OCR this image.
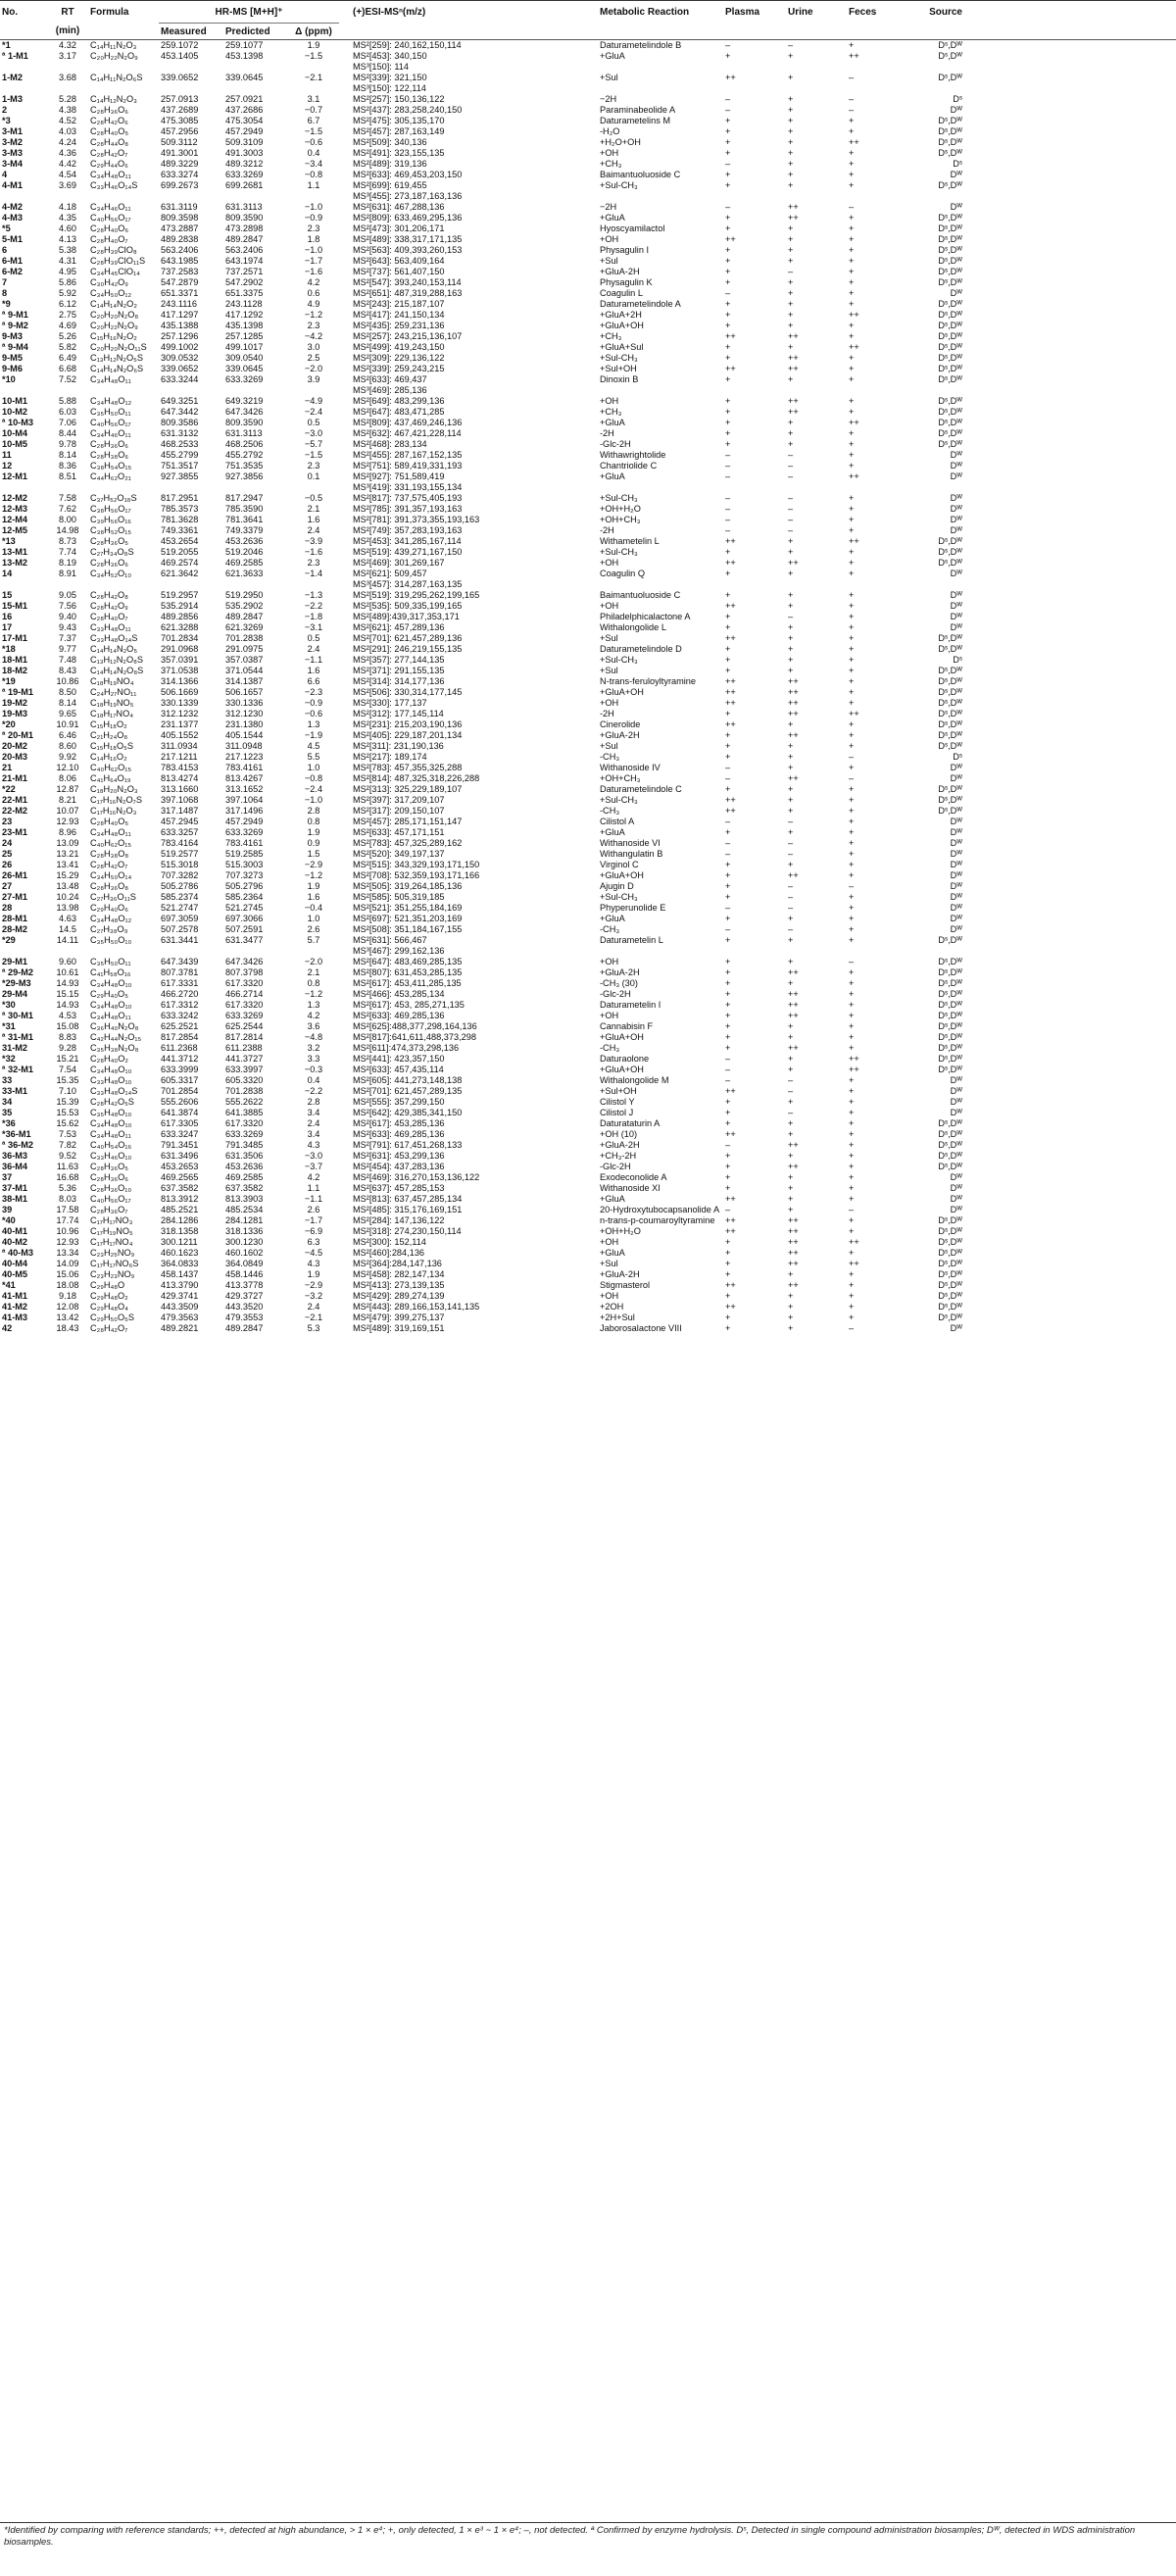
No.	RT	Formula	HR-MS [M+H]⁺				(+)ESI-MSⁿ(m/z)	Metabolic Reaction	Plasma	Urine	Feces	Source	
	(min)		Measured	Predicted	Δ (ppm)								
*1	4.32	C₁₄H₁₁N₂O₃	259.1072	259.1077	1.9		MS²[259]: 240,162,150,114	Daturametelindole B	–	–	+	Dˢ,Dᵂ	
ª 1-M1	3.17	C₂₀H₂₂N₂O₉	453.1405	453.1398	−1.5		MS²[453]: 340,150
MS³[150]: 114	+GluA	+	+	++	Dˢ,Dᵂ	
1-M2	3.68	C₁₄H₁₁N₂O₆S	339.0652	339.0645	−2.1		MS²[339]: 321,150
MS³[150]: 122,114	+Sul	++	+	–	Dˢ,Dᵂ	
1-M3	5.28	C₁₄H₁₂N₂O₃	257.0913	257.0921	3.1		MS²[257]: 150,136,122	−2H	–	+	–	Dˢ	
2	4.38	C₂₈H₃₆O₆	437.2689	437.2686	−0.7		MS²[437]: 283,258,240,150	Paraminabeolide A	–	+	–	Dᵂ	
*3	4.52	C₂₈H₄₂O₆	475.3085	475.3054	6.7		MS²[475]: 305,135,170	Daturametelins M	+	+	+	Dˢ,Dᵂ	
3-M1	4.03	C₂₈H₄₀O₅	457.2956	457.2949	−1.5		MS²[457]: 287,163,149	-H₂O	+	+	+	Dˢ,Dᵂ	
3-M2	4.24	C₂₈H₄₄O₈	509.3112	509.3109	−0.6		MS²[509]: 340,136	+H₂O+OH	+	+	++	Dˢ,Dᵂ	
3-M3	4.36	C₂₈H₄₂O₇	491.3001	491.3003	0.4		MS²[491]: 323,155,135	+OH	+	+	+	Dˢ,Dᵂ	
3-M4	4.42	C₂₉H₄₄O₆	489.3229	489.3212	−3.4		MS²[489]: 319,136	+CH₃	–	+	+	Dˢ	
4	4.54	C₃₄H₄₈O₁₁	633.3274	633.3269	−0.8		MS²[633]: 469,453,203,150	Baimantuoluoside C	+	+	+	Dᵂ	
4-M1	3.69	C₃₃H₄₆O₁₄S	699.2673	699.2681	1.1		MS²[699]: 619,455
MS³[455]: 273,187,163,136	+Sul-CH₃	+	+	+	Dˢ,Dᵂ	
4-M2	4.18	C₃₄H₄₆O₁₁	631.3119	631.3113	−1.0		MS²[631]: 467,288,136	−2H	–	++	–	Dᵂ	
4-M3	4.35	C₄₀H₅₆O₁₇	809.3598	809.3590	−0.9		MS²[809]: 633,469,295,136	+GluA	+	++	+	Dˢ,Dᵂ	
*5	4.60	C₂₈H₄₀O₆	473.2887	473.2898	2.3		MS²[473]: 301,206,171	Hyoscyamilactol	+	+	+	Dˢ,Dᵂ	
5-M1	4.13	C₂₈H₄₀O₇	489.2838	489.2847	1.8		MS²[489]: 338,317,171,135	+OH	++	+	+	Dˢ,Dᵂ	
6	5.38	C₂₈H₃₉ClO₈	563.2406	563.2406	−1.0		MS²[563]: 409,393,260,153	Physagulin I	+	+	+	Dˢ,Dᵂ	
6-M1	4.31	C₂₈H₃₉ClO₁₁S	643.1985	643.1974	−1.7		MS²[643]: 563,409,164	+Sul	+	+	+	Dˢ,Dᵂ	
6-M2	4.95	C₃₄H₄₅ClO₁₄	737.2583	737.2571	−1.6		MS²[737]: 561,407,150	+GluA-2H	+	–	+	Dˢ,Dᵂ	
7	5.86	C₃₀H₄₂O₉	547.2879	547.2902	4.2		MS²[547]: 393,240,153,114	Physagulin K	+	+	+	Dˢ,Dᵂ	
8	5.92	C₃₄H₅₀O₁₂	651.3371	651.3375	0.6		MS²[651]: 487,319,288,163	Coagulin L	–	+	+	Dᵂ	
*9	6.12	C₁₄H₁₄N₂O₂	243.1116	243.1128	4.9		MS²[243]: 215,187,107	Daturametelindole A	+	+	+	Dˢ,Dᵂ	
ª 9-M1	2.75	C₂₀H₂₀N₂O₈	417.1297	417.1292	−1.2		MS²[417]: 241,150,134	+GluA+2H	+	+	++	Dˢ,Dᵂ	
ª 9-M2	4.69	C₂₀H₂₂N₂O₉	435.1388	435.1398	2.3		MS²[435]: 259,231,136	+GluA+OH	+	+	+	Dˢ,Dᵂ	
9-M3	5.26	C₁₅H₁₆N₂O₂	257.1296	257.1285	−4.2		MS²[257]: 243,215,136,107	+CH₃	++	++	+	Dˢ,Dᵂ	
ª 9-M4	5.82	C₂₀H₂₀N₂O₁₁S	499.1002	499.1017	3.0		MS²[499]: 419,243,150	+GluA+Sul	+	+	++	Dˢ,Dᵂ	
9-M5	6.49	C₁₃H₁₂N₂O₅S	309.0532	309.0540	2.5		MS²[309]: 229,136,122	+Sul-CH₃	+	++	+	Dˢ,Dᵂ	
9-M6	6.68	C₁₄H₁₄N₂O₆S	339.0652	339.0645	−2.0		MS²[339]: 259,243,215	+Sul+OH	++	++	+	Dˢ,Dᵂ	
*10	7.52	C₃₄H₄₈O₁₁	633.3244	633.3269	3.9		MS²[633]: 469,437
MS³[469]: 285,136	Dinoxin B	+	+	+	Dˢ,Dᵂ	
10-M1	5.88	C₃₄H₄₈O₁₂	649.3251	649.3219	−4.9		MS²[649]: 483,299,136	+OH	+	++	+	Dˢ,Dᵂ	
10-M2	6.03	C₃₅H₅₀O₁₁	647.3442	647.3426	−2.4		MS²[647]: 483,471,285	+CH₃	+	++	+	Dˢ,Dᵂ	
ª 10-M3	7.06	C₄₀H₅₆O₁₇	809.3586	809.3590	0.5		MS²[809]: 437,469,246,136	+GluA	+	+	++	Dˢ,Dᵂ	
10-M4	8.44	C₃₄H₄₆O₁₁	631.3132	631.3113	−3.0		MS²[632]: 467,421,228,114	-2H	+	+	+	Dˢ,Dᵂ	
10-M5	9.78	C₂₈H₃₆O₆	468.2533	468.2506	−5.7		MS²[468]: 283,134	-Glc-2H	+	+	+	Dˢ,Dᵂ	
11	8.14	C₂₈H₃₈O₆	455.2799	455.2792	−1.5		MS²[455]: 287,167,152,135	Withawrightolide	–	–	+	Dᵂ	
12	8.36	C₃₈H₅₄O₁₅	751.3517	751.3535	2.3		MS²[751]: 589,419,331,193	Chantriolide C	–	–	+	Dᵂ	
12-M1	8.51	C₄₄H₆₂O₂₁	927.3855	927.3856	0.1		MS²[927]: 751,589,419
MS³[419]: 331,193,155,134	+GluA	–	–	++	Dᵂ	
12-M2	7.58	C₃₇H₅₂O₁₈S	817.2951	817.2947	−0.5		MS²[817]: 737,575,405,193	+Sul-CH₃	–	–	+	Dᵂ	
12-M3	7.62	C₃₈H₅₆O₁₇	785.3573	785.3590	2.1		MS²[785]: 391,357,193,163	+OH+H₂O	–	–	+	Dᵂ	
12-M4	8.00	C₃₉H₅₆O₁₆	781.3628	781.3641	1.6		MS²[781]: 391,373,355,193,163	+OH+CH₃	–	–	+	Dᵂ	
12-M5	14.98	C₃₈H₅₂O₁₅	749.3361	749.3379	2.4		MS²[749]: 357,283,193,163	-2H	–	–	+	Dᵂ	
*13	8.73	C₂₈H₃₆O₅	453.2654	453.2636	−3.9		MS²[453]: 341,285,167,114	Withametelin L	++	+	++	Dˢ,Dᵂ	
13-M1	7.74	C₂₇H₃₄O₈S	519.2055	519.2046	−1.6		MS²[519]: 439,271,167,150	+Sul-CH₃	+	+	+	Dˢ,Dᵂ	
13-M2	8.19	C₂₈H₃₆O₆	469.2574	469.2585	2.3		MS²[469]: 301,269,167	+OH	++	++	+	Dˢ,Dᵂ	
14	8.91	C₃₄H₅₂O₁₀	621.3642	621.3633	−1.4		MS²[621]: 509,457
MS³[457]: 314,287,163,135	Coagulin Q	+	+	+	Dᵂ	
15	9.05	C₂₈H₄₂O₈	519.2957	519.2950	−1.3		MS²[519]: 319,295,262,199,165	Baimantuoluoside C	+	+	+	Dᵂ	
15-M1	7.56	C₂₈H₄₂O₉	535.2914	535.2902	−2.2		MS²[535]: 509,335,199,165	+OH	++	+	+	Dᵂ	
16	9.40	C₂₈H₄₀O₇	489.2856	489.2847	−1.8		MS²[489]:439,317,353,171	Philadelphicalactone A	+	–	+	Dᵂ	
17	9.43	C₃₃H₄₈O₁₁	621.3288	621.3269	−3.1		MS²[621]: 457,289,136	Withalongolide L	+	+	+	Dᵂ	
17-M1	7.37	C₃₃H₄₈O₁₄S	701.2834	701.2838	0.5		MS²[701]: 621,457,289,136	+Sul	++	+	+	Dˢ,Dᵂ	
*18	9.77	C₁₄H₁₄N₂O₅	291.0968	291.0975	2.4		MS²[291]: 246,219,155,135	Daturametelindole D	+	+	+	Dˢ,Dᵂ	
18-M1	7.48	C₁₃H₁₂N₂O₈S	357.0391	357.0387	−1.1		MS²[357]: 277,144,135	+Sul-CH₃	+	+	+	Dˢ	
18-M2	8.43	C₁₄H₁₄N₂O₈S	371.0538	371.0544	1.6		MS²[371]: 291,155,135	+Sul	+	+	+	Dˢ,Dᵂ	
*19	10.86	C₁₈H₁₉NO₄	314.1366	314.1387	6.6		MS²[314]: 314,177,136	N-trans-feruloyltyramine	++	++	+	Dˢ,Dᵂ	
ª 19-M1	8.50	C₂₄H₂₇NO₁₁	506.1669	506.1657	−2.3		MS²[506]: 330,314,177,145	+GluA+OH	++	++	+	Dˢ,Dᵂ	
19-M2	8.14	C₁₈H₁₉NO₅	330.1339	330.1336	−0.9		MS²[330]: 177,137	+OH	++	++	+	Dˢ,Dᵂ	
19-M3	9.65	C₁₈H₁₇NO₄	312.1232	312.1230	−0.6		MS²[312]: 177,145,114	-2H	+	++	++	Dˢ,Dᵂ	
*20	10.91	C₁₅H₁₈O₂	231.1377	231.1380	1.3		MS²[231]: 215,203,190,136	Cinerolide	++	+	+	Dˢ,Dᵂ	
ª 20-M1	6.46	C₂₁H₂₄O₈	405.1552	405.1544	−1.9		MS²[405]: 229,187,201,134	+GluA-2H	+	++	+	Dˢ,Dᵂ	
20-M2	8.60	C₁₅H₁₈O₅S	311.0934	311.0948	4.5		MS²[311]: 231,190,136	+Sul	+	+	+	Dˢ,Dᵂ	
20-M3	9.92	C₁₄H₁₆O₂	217.1211	217.1223	5.5		MS²[217]: 189,174	-CH₃	+	+	–	Dˢ	
21	12.10	C₄₀H₆₂O₁₅	783.4153	783.4161	1.0		MS²[783]: 457,355,325,288	Withanoside IV	–	+	+	Dᵂ	
21-M1	8.06	C₄₁H₆₄O₁₉	813.4274	813.4267	−0.8		MS²[814]: 487,325,318,226,288	+OH+CH₃	–	++	–	Dᵂ	
*22	12.87	C₁₈H₂₀N₂O₃	313.1660	313.1652	−2.4		MS²[313]: 325,229,189,107	Daturametelindole C	+	+	+	Dˢ,Dᵂ	
22-M1	8.21	C₁₇H₁₆N₂O₇S	397.1068	397.1064	−1.0		MS²[397]: 317,209,107	+Sul-CH₃	++	+	+	Dˢ,Dᵂ	
22-M2	10.07	C₁₇H₁₆N₂O₃	317.1487	317.1496	2.8		MS²[317]: 209,150,107	-CH₃	++	+	+	Dˢ,Dᵂ	
23	12.93	C₂₈H₄₀O₅	457.2945	457.2949	0.8		MS²[457]: 285,171,151,147	Cilistol A	–	–	+	Dᵂ	
23-M1	8.96	C₃₄H₄₈O₁₁	633.3257	633.3269	1.9		MS²[633]: 457,171,151	+GluA	+	+	+	Dᵂ	
24	13.09	C₄₀H₆₂O₁₅	783.4164	783.4161	0.9		MS²[783]: 457,325,289,162	Withanoside VI	–	–	+	Dᵂ	
25	13.21	C₂₈H₃₈O₈	519.2577	519.2585	1.5		MS²[520]: 349,197,137	Withangulatin B	–	–	+	Dᵂ	
26	13.41	C₂₈H₄₂O₇	515.3018	515.3003	−2.9		MS²[515]: 343,329,193,171,150	Virginol C	+	+	+	Dᵂ	
26-M1	15.29	C₃₄H₅₀O₁₄	707.3282	707.3273	−1.2		MS²[708]: 532,359,193,171,166	+GluA+OH	+	++	+	Dᵂ	
27	13.48	C₂₈H₃₆O₈	505.2786	505.2796	1.9		MS²[505]: 319,264,185,136	Ajugin D	+	–	–	Dᵂ	
27-M1	10.24	C₂₇H₃₆O₁₁S	585.2374	585.2364	1.6		MS²[585]: 505,319,185	+Sul-CH₃	+	–	+	Dᵂ	
28	13.98	C₂₉H₄₀O₆	521.2747	521.2745	−0.4		MS²[521]: 351,255,184,169	Phyperunolide E	–	–	+	Dᵂ	
28-M1	4.63	C₃₄H₄₈O₁₂	697.3059	697.3066	1.0		MS²[697]: 521,351,203,169	+GluA	+	+	+	Dᵂ	
28-M2	14.5	C₂₇H₃₈O₉	507.2578	507.2591	2.6		MS²[508]: 351,184,167,155	-CH₃	–	–	+	Dᵂ	
*29	14.11	C₃₅H₅₀O₁₀	631.3441	631.3477	5.7		MS²[631]: 566,467
MS³[467]: 299,162,136	Daturametelin L	+	+	+	Dˢ,Dᵂ	
29-M1	9.60	C₃₅H₅₀O₁₁	647.3439	647.3426	−2.0		MS²[647]: 483,469,285,135	+OH	+	+	–	Dˢ,Dᵂ	
ª 29-M2	10.61	C₄₁H₅₈O₁₆	807.3781	807.3798	2.1		MS²[807]: 631,453,285,135	+GluA-2H	+	++	+	Dˢ,Dᵂ	
*29-M3	14.93	C₃₄H₄₈O₁₀	617.3331	617.3320	0.8		MS²[617]: 453,411,285,135	-CH₃ (30)	+	+	+	Dˢ,Dᵂ	
29-M4	15.15	C₂₉H₄₀O₅	466.2720	466.2714	−1.2		MS²[466]: 453,285,134	-Glc-2H	+	++	+	Dˢ,Dᵂ	
*30	14.93	C₃₄H₄₈O₁₀	617.3312	617.3320	1.3		MS²[617]: 453, 285,271,135	Daturametelin I	+	++	+	Dˢ,Dᵂ	
ª 30-M1	4.53	C₃₄H₄₈O₁₁	633.3242	633.3269	4.2		MS²[633]: 469,285,136	+OH	+	++	+	Dˢ,Dᵂ	
*31	15.08	C₃₆H₄₀N₂O₈	625.2521	625.2544	3.6		MS²[625]:488,377,298,164,136	Cannabisin F	+	+	+	Dˢ,Dᵂ	
ª 31-M1	8.83	C₄₂H₄₄N₂O₁₅	817.2854	817.2814	−4.8		MS²[817]:641,611,488,373,298	+GluA+OH	+	+	+	Dˢ,Dᵂ	
31-M2	9.28	C₃₅H₃₈N₂O₈	611.2368	611.2388	3.2		MS²[611]:474,373,298,136	-CH₃	+	++	+	Dˢ,Dᵂ	
*32	15.21	C₂₈H₄₀O₂	441.3712	441.3727	3.3		MS²[441]: 423,357,150	Daturaolone	–	+	++	Dˢ,Dᵂ	
ª 32-M1	7.54	C₃₄H₄₈O₁₀	633.3999	633.3997	−0.3		MS²[633]: 457,435,114	+GluA+OH	–	+	++	Dˢ,Dᵂ	
33	15.35	C₃₃H₄₈O₁₀	605.3317	605.3320	0.4		MS²[605]: 441,273,148,138	Withalongolide M	–	–	+	Dᵂ	
33-M1	7.10	C₃₃H₄₈O₁₄S	701.2854	701.2838	−2.2		MS²[701]: 621,457,289,135	+Sul+OH	++	–	+	Dᵂ	
34	15.39	C₂₈H₄₂O₅S	555.2606	555.2622	2.8		MS²[555]: 357,299,150	Cilistol Y	+	+	+	Dᵂ	
35	15.53	C₃₅H₄₈O₁₀	641.3874	641.3885	3.4		MS²[642]: 429,385,341,150	Cilistol J	+	–	+	Dᵂ	
*36	15.62	C₃₄H₄₈O₁₀	617.3305	617.3320	2.4		MS²[617]: 453,285,136	Daturataturin A	+	+	+	Dˢ,Dᵂ	
*36-M1	7.53	C₃₄H₄₈O₁₁	633.3247	633.3269	3.4		MS²[633]: 469,285,136	+OH (10)	++	+	+	Dˢ,Dᵂ	
ª 36-M2	7.82	C₄₀H₅₄O₁₆	791.3451	791.3485	4.3		MS²[791]: 617,451,268,133	+GluA-2H	–	++	+	Dˢ,Dᵂ	
36-M3	9.52	C₃₃H₄₆O₁₀	631.3496	631.3506	−3.0		MS²[631]: 453,299,136	+CH₃-2H	+	+	+	Dˢ,Dᵂ	
36-M4	11.63	C₂₈H₃₆O₅	453.2653	453.2636	−3.7		MS²[454]: 437,283,136	-Glc-2H	+	++	+	Dˢ,Dᵂ	
37	16.68	C₂₈H₃₆O₆	469.2565	469.2585	4.2		MS²[469]: 316,270,153,136,122	Exodeconolide A	+	+	+	Dᵂ	
37-M1	5.36	C₂₈H₃₆O₁₀	637.3582	637.3582	1.1		MS²[637]: 457,285,153	Withanoside XI	+	+	+	Dᵂ	
38-M1	8.03	C₄₀H₅₆O₁₇	813.3912	813.3903	−1.1		MS²[813]: 637,457,285,134	+GluA	++	+	+	Dᵂ	
39	17.58	C₂₈H₃₆O₇	485.2521	485.2534	2.6		MS²[485]: 315,176,169,151	20-Hydroxytubocapsanolide A	–	+	–	Dᵂ	
*40	17.74	C₁₇H₁₇NO₃	284.1286	284.1281	−1.7		MS²[284]: 147,136,122	n-trans-p-coumaroyltyramine	++	++	+	Dˢ,Dᵂ	
40-M1	10.96	C₁₇H₁₉NO₅	318.1358	318.1336	−6.9		MS²[318]: 274,230,150,114	+OH+H₂O	++	++	+	Dˢ,Dᵂ	
40-M2	12.93	C₁₇H₁₇NO₄	300.1211	300.1230	6.3		MS²[300]: 152,114	+OH	+	++	++	Dˢ,Dᵂ	
ª 40-M3	13.34	C₂₃H₂₅NO₉	460.1623	460.1602	−4.5		MS²[460]:284,136	+GluA	+	++	+	Dˢ,Dᵂ	
40-M4	14.09	C₁₇H₁₇NO₆S	364.0833	364.0849	4.3		MS²[364]:284,147,136	+Sul	+	++	++	Dˢ,Dᵂ	
40-M5	15.06	C₂₃H₂₃NO₉	458.1437	458.1446	1.9		MS²[458]: 282,147,134	+GluA-2H	+	+	+	Dˢ,Dᵂ	
*41	18.08	C₂₉H₄₈O	413.3790	413.3778	−2.9		MS²[413]: 273,139,135	Stigmasterol	++	++	+	Dˢ,Dᵂ	
41-M1	9.18	C₂₉H₄₈O₂	429.3741	429.3727	−3.2		MS²[429]: 289,274,139	+OH	+	+	+	Dˢ,Dᵂ	
41-M2	12.08	C₂₉H₄₈O₄	443.3509	443.3520	2.4		MS²[443]: 289,166,153,141,135	+2OH	++	+	+	Dˢ,Dᵂ	
41-M3	13.42	C₂₉H₅₀O₅S	479.3563	479.3553	−2.1		MS²[479]: 399,275,137	+2H+Sul	+	+	+	Dˢ,Dᵂ	
42	18.43	C₂₈H₄₂O₇	489.2821	489.2847	5.3		MS²[489]: 319,169,151	Jaborosalactone VIII	+	+	–	Dᵂ	
*Identified by comparing with reference standards; ++, detected at high abundance, > 1 × e⁴; +, only detected, 1 × e³ ~ 1 × e⁴; –, not detected. ª Confirmed by enzyme hydrolysis. Dˢ, Detected in single compound administration biosamples; Dᵂ, detected in WDS administration biosamples.
